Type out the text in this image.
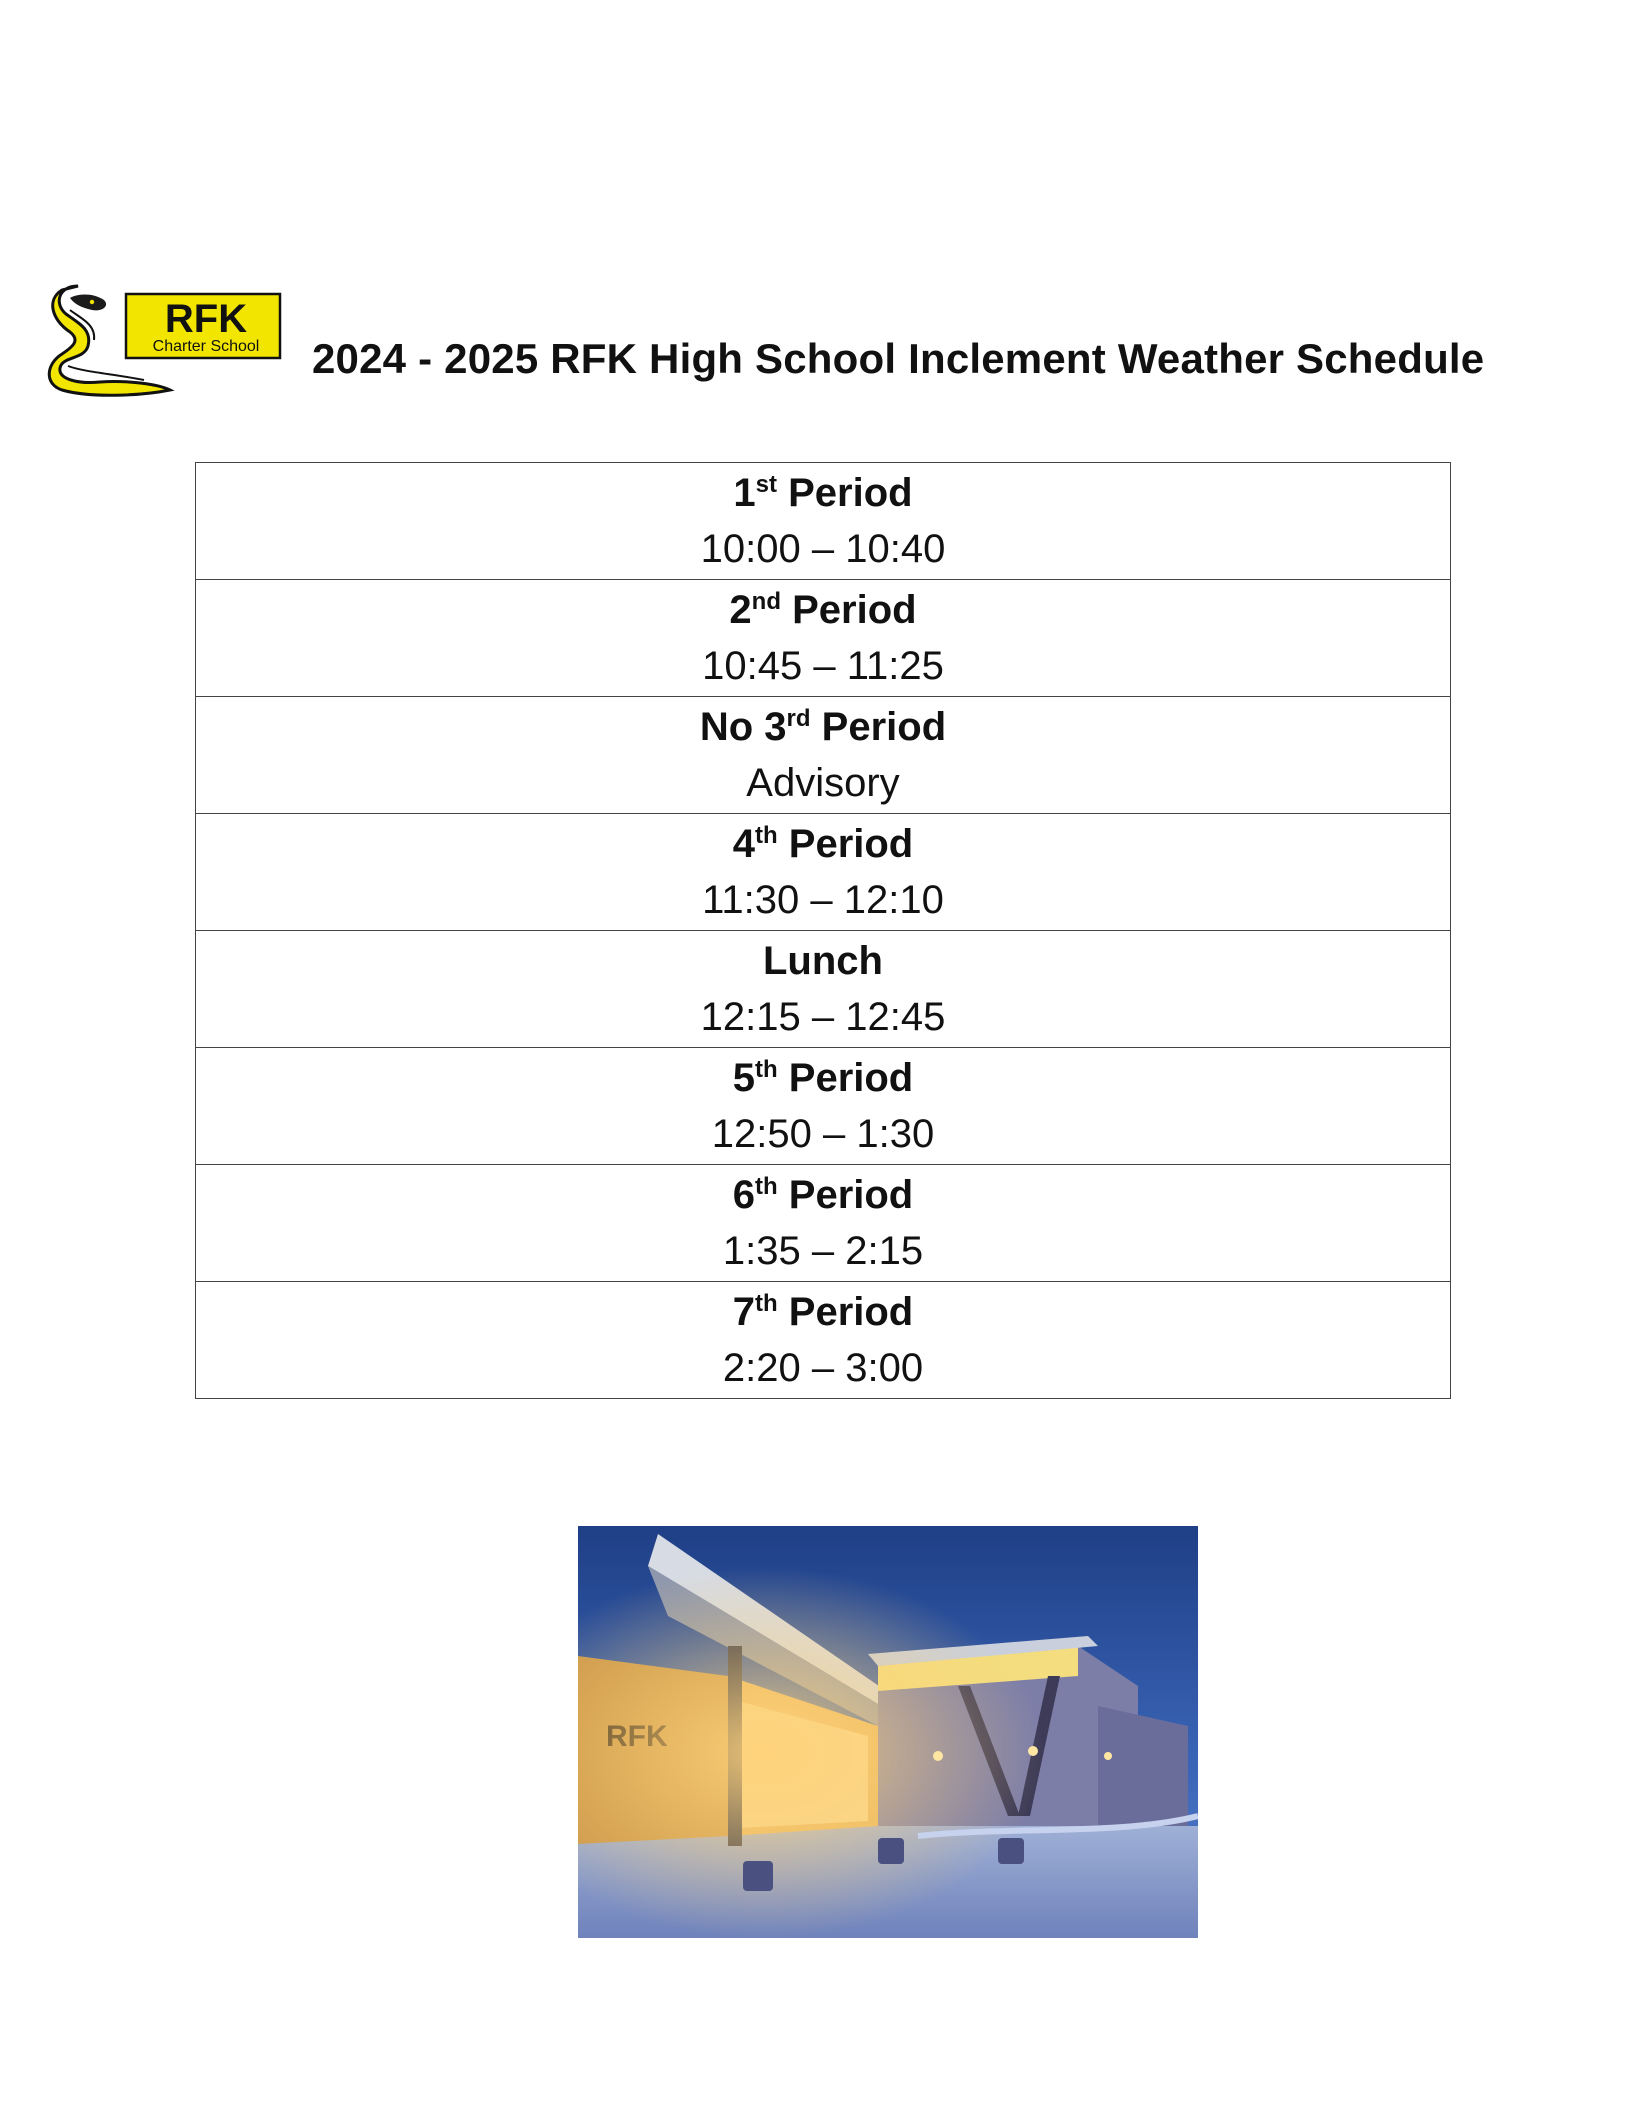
RFK
Charter School 2024 - 2025 RFK High School Inclement Weather Schedule
1st Period
10:00 – 10:40

2nd Period
10:45 – 11:25

No 3rd Period
Advisory

4th Period
11:30 – 12:10

Lunch
12:15 – 12:45

5th Period
12:50 – 1:30

6th Period
1:35 – 2:15

7th Period
2:20 – 3:00
